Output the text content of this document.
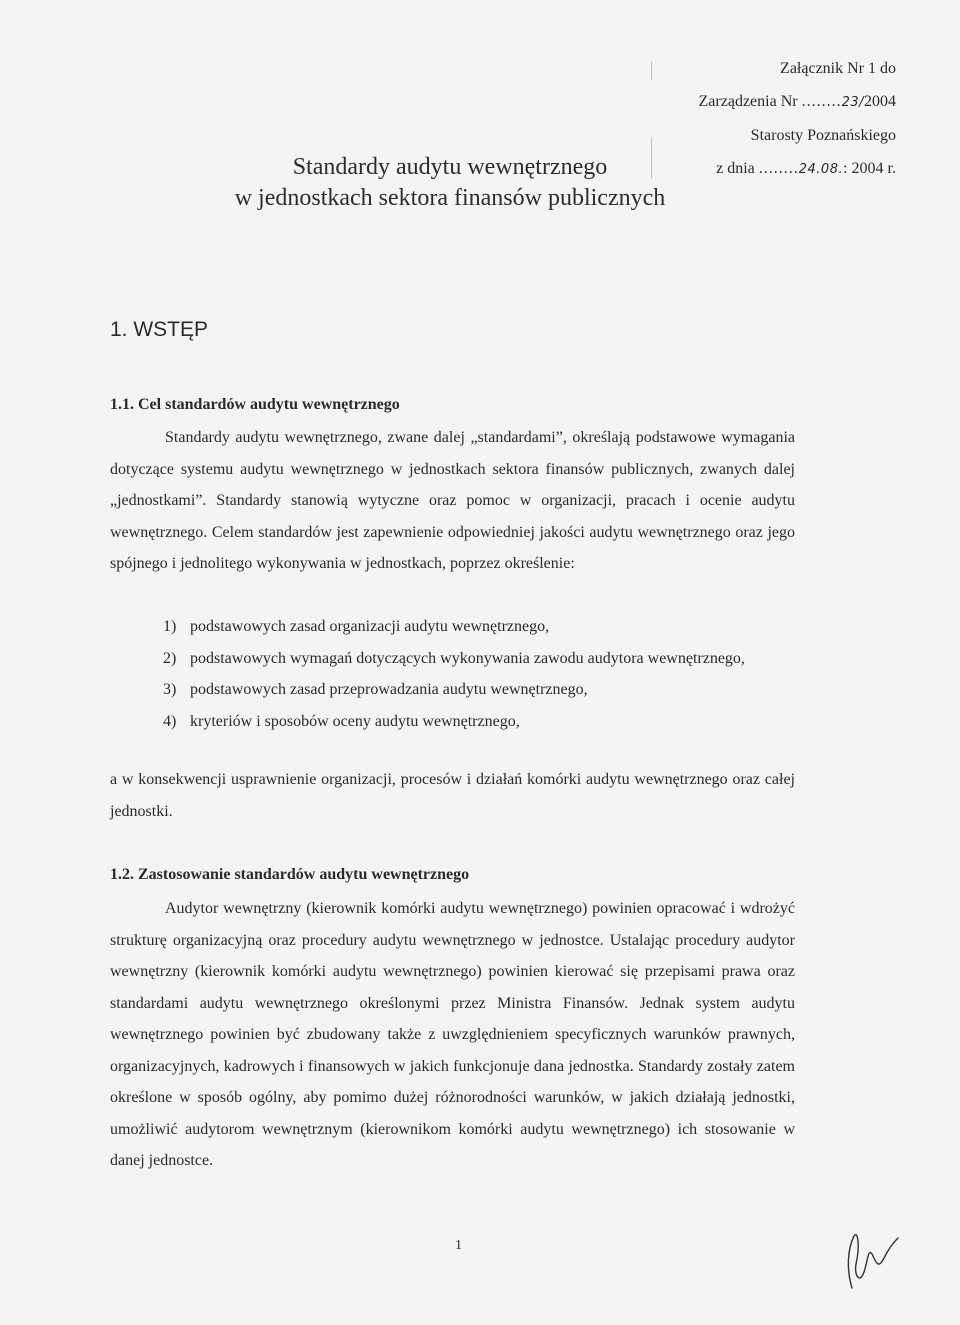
Załącznik Nr 1 do
Zarządzenia Nr ........23/2004
Starosty Poznańskiego
z dnia ........24.08.: 2004 r.
Standardy audytu wewnętrznego
w jednostkach sektora finansów publicznych
1. WSTĘP
1.1. Cel standardów audytu wewnętrznego

Standardy audytu wewnętrznego, zwane dalej „standardami”, określają podstawowe wymagania dotyczące systemu audytu wewnętrznego w jednostkach sektora finansów publicznych, zwanych dalej „jednostkami”. Standardy stanowią wytyczne oraz pomoc w organizacji, pracach i ocenie audytu wewnętrznego. Celem standardów jest zapewnienie odpowiedniej jakości audytu wewnętrznego oraz jego spójnego i jednolitego wykonywania w jednostkach, poprzez określenie:

1) podstawowych zasad organizacji audytu wewnętrznego,
2) podstawowych wymagań dotyczących wykonywania zawodu audytora wewnętrznego,
3) podstawowych zasad przeprowadzania audytu wewnętrznego,
4) kryteriów i sposobów oceny audytu wewnętrznego,
a w konsekwencji usprawnienie organizacji, procesów i działań komórki audytu wewnętrznego oraz całej jednostki.
1.2. Zastosowanie standardów audytu wewnętrznego

Audytor wewnętrzny (kierownik komórki audytu wewnętrznego) powinien opracować i wdrożyć strukturę organizacyjną oraz procedury audytu wewnętrznego w jednostce. Ustalając procedury audytor wewnętrzny (kierownik komórki audytu wewnętrznego) powinien kierować się przepisami prawa oraz standardami audytu wewnętrznego określonymi przez Ministra Finansów. Jednak system audytu wewnętrznego powinien być zbudowany także z uwzględnieniem specyficznych warunków prawnych, organizacyjnych, kadrowych i finansowych w jakich funkcjonuje dana jednostka. Standardy zostały zatem określone w sposób ogólny, aby pomimo dużej różnorodności warunków, w jakich działają jednostki, umożliwić audytorom wewnętrznym (kierownikom komórki audytu wewnętrznego) ich stosowanie w danej jednostce.

1
